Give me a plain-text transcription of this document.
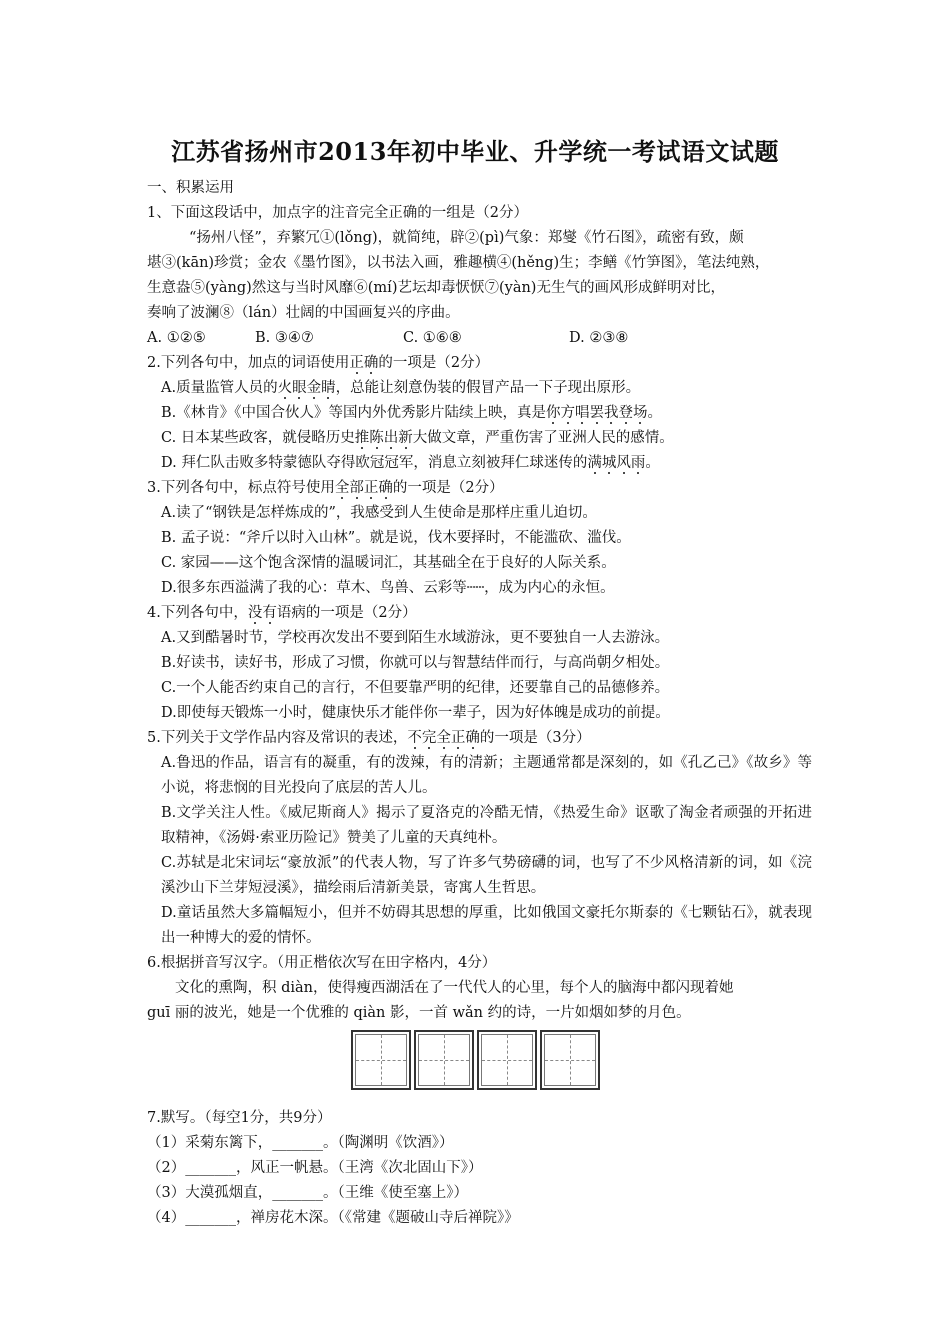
江苏省扬州市2013年初中毕业、升学统一考试语文试题
一、积累运用
1、下面这段话中，加点字的注音完全正确的一组是（2分）
“扬州八怪”，弃繁冗①(lǒng)，就简纯，辟②(pì)气象：郑燮《竹石图》，疏密有致，颇
堪③(kān)珍赏；金农《墨竹图》，以书法入画，雅趣横④(hěng)生；李鳝《竹笋图》，笔法纯熟，
生意盎⑤(yàng)然这与当时风靡⑥(mí)艺坛却毒恹恹⑦(yàn)无生气的画风形成鲜明对比，
奏响了波澜⑧（lán）壮阔的中国画复兴的序曲。
A. ①②⑤	B. ③④⑦	C. ①⑥⑧	D. ②③⑧
2.下列各句中，加点的词语使用正确的一项是（2分）
A.质量监管人员的火眼金睛，总能让刻意伪装的假冒产品一下子现出原形。
B.《林肯》《中国合伙人》等国内外优秀影片陆续上映，真是你方唱罢我登场。
C. 日本某些政客，就侵略历史推陈出新大做文章，严重伤害了亚洲人民的感情。
D. 拜仁队击败多特蒙德队夺得欧冠冠军，消息立刻被拜仁球迷传的满城风雨。
3.下列各句中，标点符号使用全部正确的一项是（2分）
A.读了“钢铁是怎样炼成的”，我感受到人生使命是那样庄重儿迫切。
B. 孟子说：“斧斤以时入山林”。就是说，伐木要择时，不能滥砍、滥伐。
C. 家园——这个饱含深情的温暖词汇，其基础全在于良好的人际关系。
D.很多东西溢满了我的心：草木、鸟兽、云彩等┄┄，成为内心的永恒。
4.下列各句中，没有语病的一项是（2分）
A.又到酷暑时节，学校再次发出不要到陌生水域游泳，更不要独自一人去游泳。
B.好读书，读好书，形成了习惯，你就可以与智慧结伴而行，与高尚朝夕相处。
C.一个人能否约束自己的言行，不但要靠严明的纪律，还要靠自己的品德修养。
D.即使每天锻炼一小时，健康快乐才能伴你一辈子，因为好体魄是成功的前提。
5.下列关于文学作品内容及常识的表述，不完全正确的一项是（3分）
A.鲁迅的作品，语言有的凝重，有的泼辣，有的清新；主题通常都是深刻的，如《孔乙己》《故乡》等小说，将悲悯的目光投向了底层的苦人儿。
B.文学关注人性。《威尼斯商人》揭示了夏洛克的冷酷无情，《热爱生命》讴歌了淘金者顽强的开拓进取精神，《汤姆·索亚历险记》赞美了儿童的天真纯朴。
C.苏轼是北宋词坛“豪放派”的代表人物，写了许多气势磅礴的词，也写了不少风格清新的词，如《浣溪沙山下兰芽短浸溪》，描绘雨后清新美景，寄寓人生哲思。
D.童话虽然大多篇幅短小，但并不妨碍其思想的厚重，比如俄国文豪托尔斯泰的《七颗钻石》，就表现出一种博大的爱的情怀。
6.根据拼音写汉字。（用正楷依次写在田字格内，4分）
文化的熏陶，积 diàn，使得瘦西湖活在了一代代人的心里，每个人的脑海中都闪现着她
guī 丽的波光，她是一个优雅的 qiàn 影，一首 wǎn 约的诗，一片如烟如梦的月色。
7.默写。（每空1分，共9分）
（1）采菊东篱下，_______。（陶渊明《饮酒》）
（2）_______，风正一帆悬。（王湾《次北固山下》）
（3）大漠孤烟直，_______。（王维《使至塞上》）
（4）_______，禅房花木深。（《常建《题破山寺后禅院》》
